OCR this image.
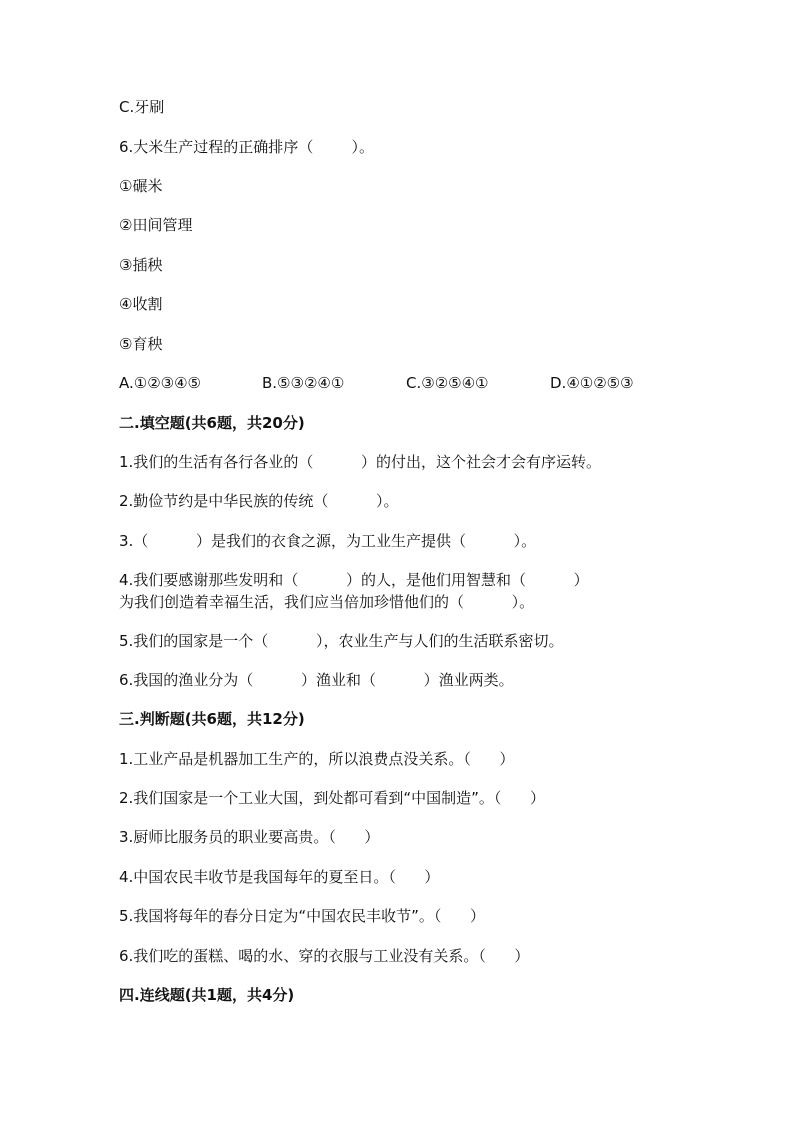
C.牙刷

6.大米生产过程的正确排序（        ）。

①碾米

②田间管理

③插秧

④收割

⑤育秧

A.①②③④⑤	B.⑤③②④①	C.③②⑤④①	D.④①②⑤③

二.填空题(共6题，共20分)

1.我们的生活有各行各业的（          ）的付出，这个社会才会有序运转。

2.勤俭节约是中华民族的传统（          ）。

3.（          ）是我们的衣食之源，为工业生产提供（          ）。

4.我们要感谢那些发明和（          ）的人，是他们用智慧和（          ）

为我们创造着幸福生活，我们应当倍加珍惜他们的（          ）。

5.我们的国家是一个（          ），农业生产与人们的生活联系密切。

6.我国的渔业分为（          ）渔业和（          ）渔业两类。

三.判断题(共6题，共12分)

1.工业产品是机器加工生产的，所以浪费点没关系。（      ）

2.我们国家是一个工业大国，到处都可看到“中国制造”。（      ）

3.厨师比服务员的职业要高贵。（      ）

4.中国农民丰收节是我国每年的夏至日。（      ）

5.我国将每年的春分日定为“中国农民丰收节”。（      ）

6.我们吃的蛋糕、喝的水、穿的衣服与工业没有关系。（      ）

四.连线题(共1题，共4分)
